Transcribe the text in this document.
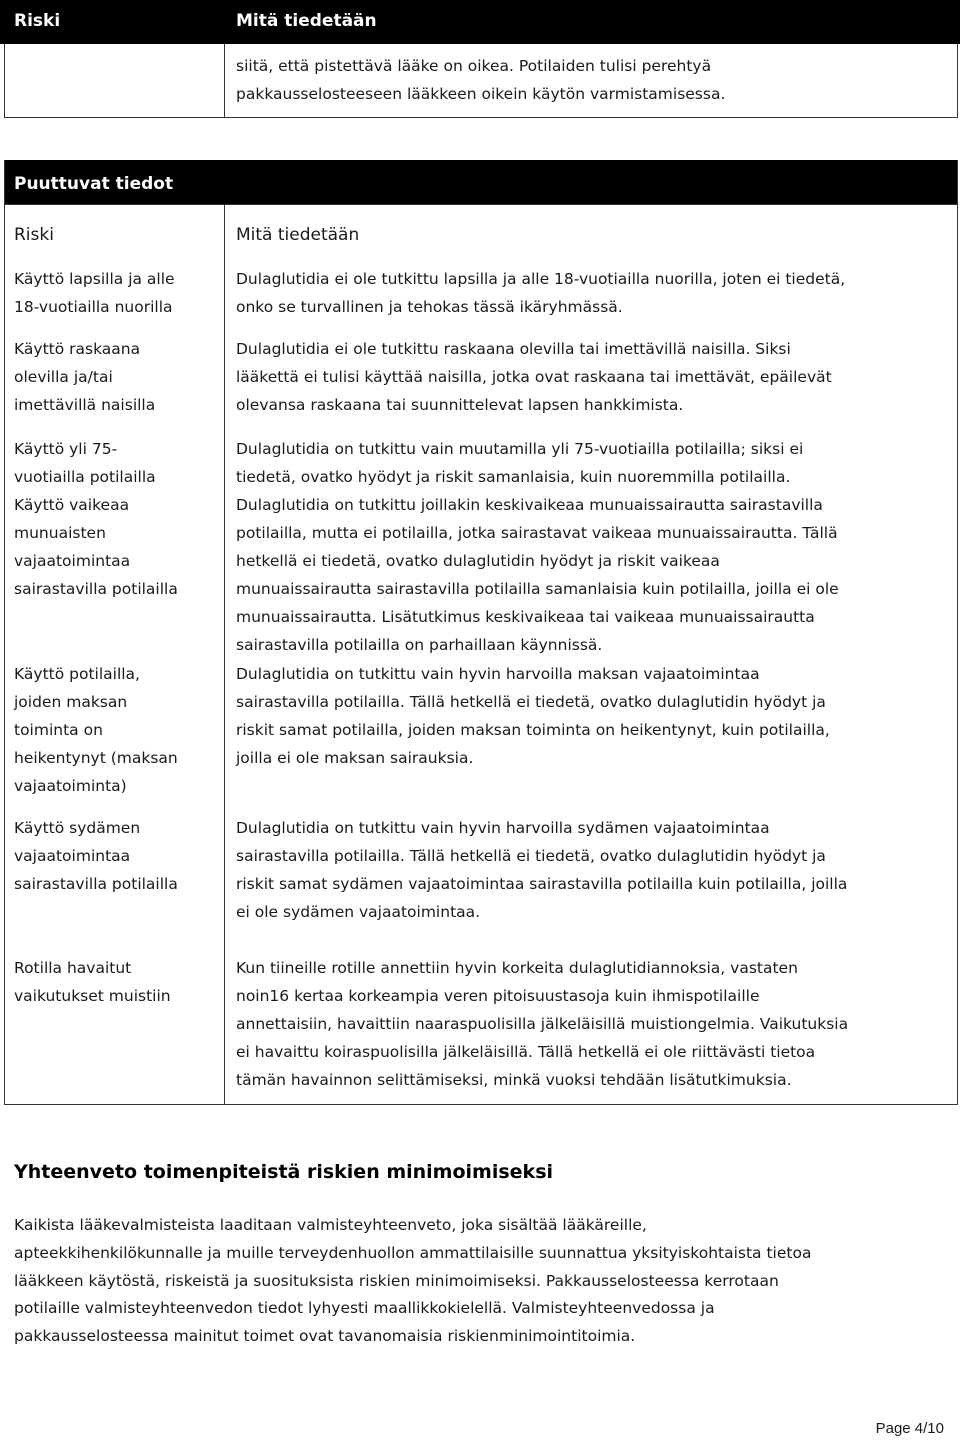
Riski	Mitä tiedetään
siitä, että pistettävä lääke on oikea. Potilaiden tulisi perehtyä
pakkausselosteeseen lääkkeen oikein käytön varmistamisessa.
Puuttuvat tiedot
Riski	Mitä tiedetään
Käyttö lapsilla ja alle
18-vuotiailla nuorilla
Dulaglutidia ei ole tutkittu lapsilla ja alle 18-vuotiailla nuorilla, joten ei tiedetä,
onko se turvallinen ja tehokas tässä ikäryhmässä.
Käyttö raskaana
olevilla ja/tai
imettävillä naisilla
Dulaglutidia ei ole tutkittu raskaana olevilla tai imettävillä naisilla. Siksi
lääkettä ei tulisi käyttää naisilla, jotka ovat raskaana tai imettävät, epäilevät
olevansa raskaana tai suunnittelevat lapsen hankkimista.
Käyttö yli 75-
vuotiailla potilailla
Dulaglutidia on tutkittu vain muutamilla yli 75-vuotiailla potilailla; siksi ei
tiedetä, ovatko hyödyt ja riskit samanlaisia, kuin nuoremmilla potilailla.
Käyttö vaikeaa
munuaisten
vajaatoimintaa
sairastavilla potilailla
Dulaglutidia on tutkittu joillakin keskivaikeaa munuaissairautta sairastavilla
potilailla, mutta ei potilailla, jotka sairastavat vaikeaa munuaissairautta. Tällä
hetkellä ei tiedetä, ovatko dulaglutidin hyödyt ja riskit vaikeaa
munuaissairautta sairastavilla potilailla samanlaisia kuin potilailla, joilla ei ole
munuaissairautta. Lisätutkimus keskivaikeaa tai vaikeaa munuaissairautta
sairastavilla potilailla on parhaillaan käynnissä.
Käyttö potilailla,
joiden maksan
toiminta on
heikentynyt (maksan
vajaatoiminta)
Dulaglutidia on tutkittu vain hyvin harvoilla maksan vajaatoimintaa
sairastavilla potilailla. Tällä hetkellä ei tiedetä, ovatko dulaglutidin hyödyt ja
riskit samat potilailla, joiden maksan toiminta on heikentynyt, kuin potilailla,
joilla ei ole maksan sairauksia.
Käyttö sydämen
vajaatoimintaa
sairastavilla potilailla
Dulaglutidia on tutkittu vain hyvin harvoilla sydämen vajaatoimintaa
sairastavilla potilailla. Tällä hetkellä ei tiedetä, ovatko dulaglutidin hyödyt ja
riskit samat sydämen vajaatoimintaa sairastavilla potilailla kuin potilailla, joilla
ei ole sydämen vajaatoimintaa.
Rotilla havaitut
vaikutukset muistiin
Kun tiineille rotille annettiin hyvin korkeita dulaglutidiannoksia, vastaten
noin16 kertaa korkeampia veren pitoisuustasoja kuin ihmispotilaille
annettaisiin, havaittiin naaraspuolisilla jälkeläisillä muistiongelmia. Vaikutuksia
ei havaittu koiraspuolisilla jälkeläisillä. Tällä hetkellä ei ole riittävästi tietoa
tämän havainnon selittämiseksi, minkä vuoksi tehdään lisätutkimuksia.
Yhteenveto toimenpiteistä riskien minimoimiseksi
Kaikista lääkevalmisteista laaditaan valmisteyhteenveto, joka sisältää lääkäreille,
apteekkihenkilökunnalle ja muille terveydenhuollon ammattilaisille suunnattua yksityiskohtaista tietoa
lääkkeen käytöstä, riskeistä ja suosituksista riskien minimoimiseksi. Pakkausselosteessa kerrotaan
potilaille valmisteyhteenvedon tiedot lyhyesti maallikkokielellä. Valmisteyhteenvedossa ja
pakkausselosteessa mainitut toimet ovat tavanomaisia riskienminimointitoimia.
Page 4/10
